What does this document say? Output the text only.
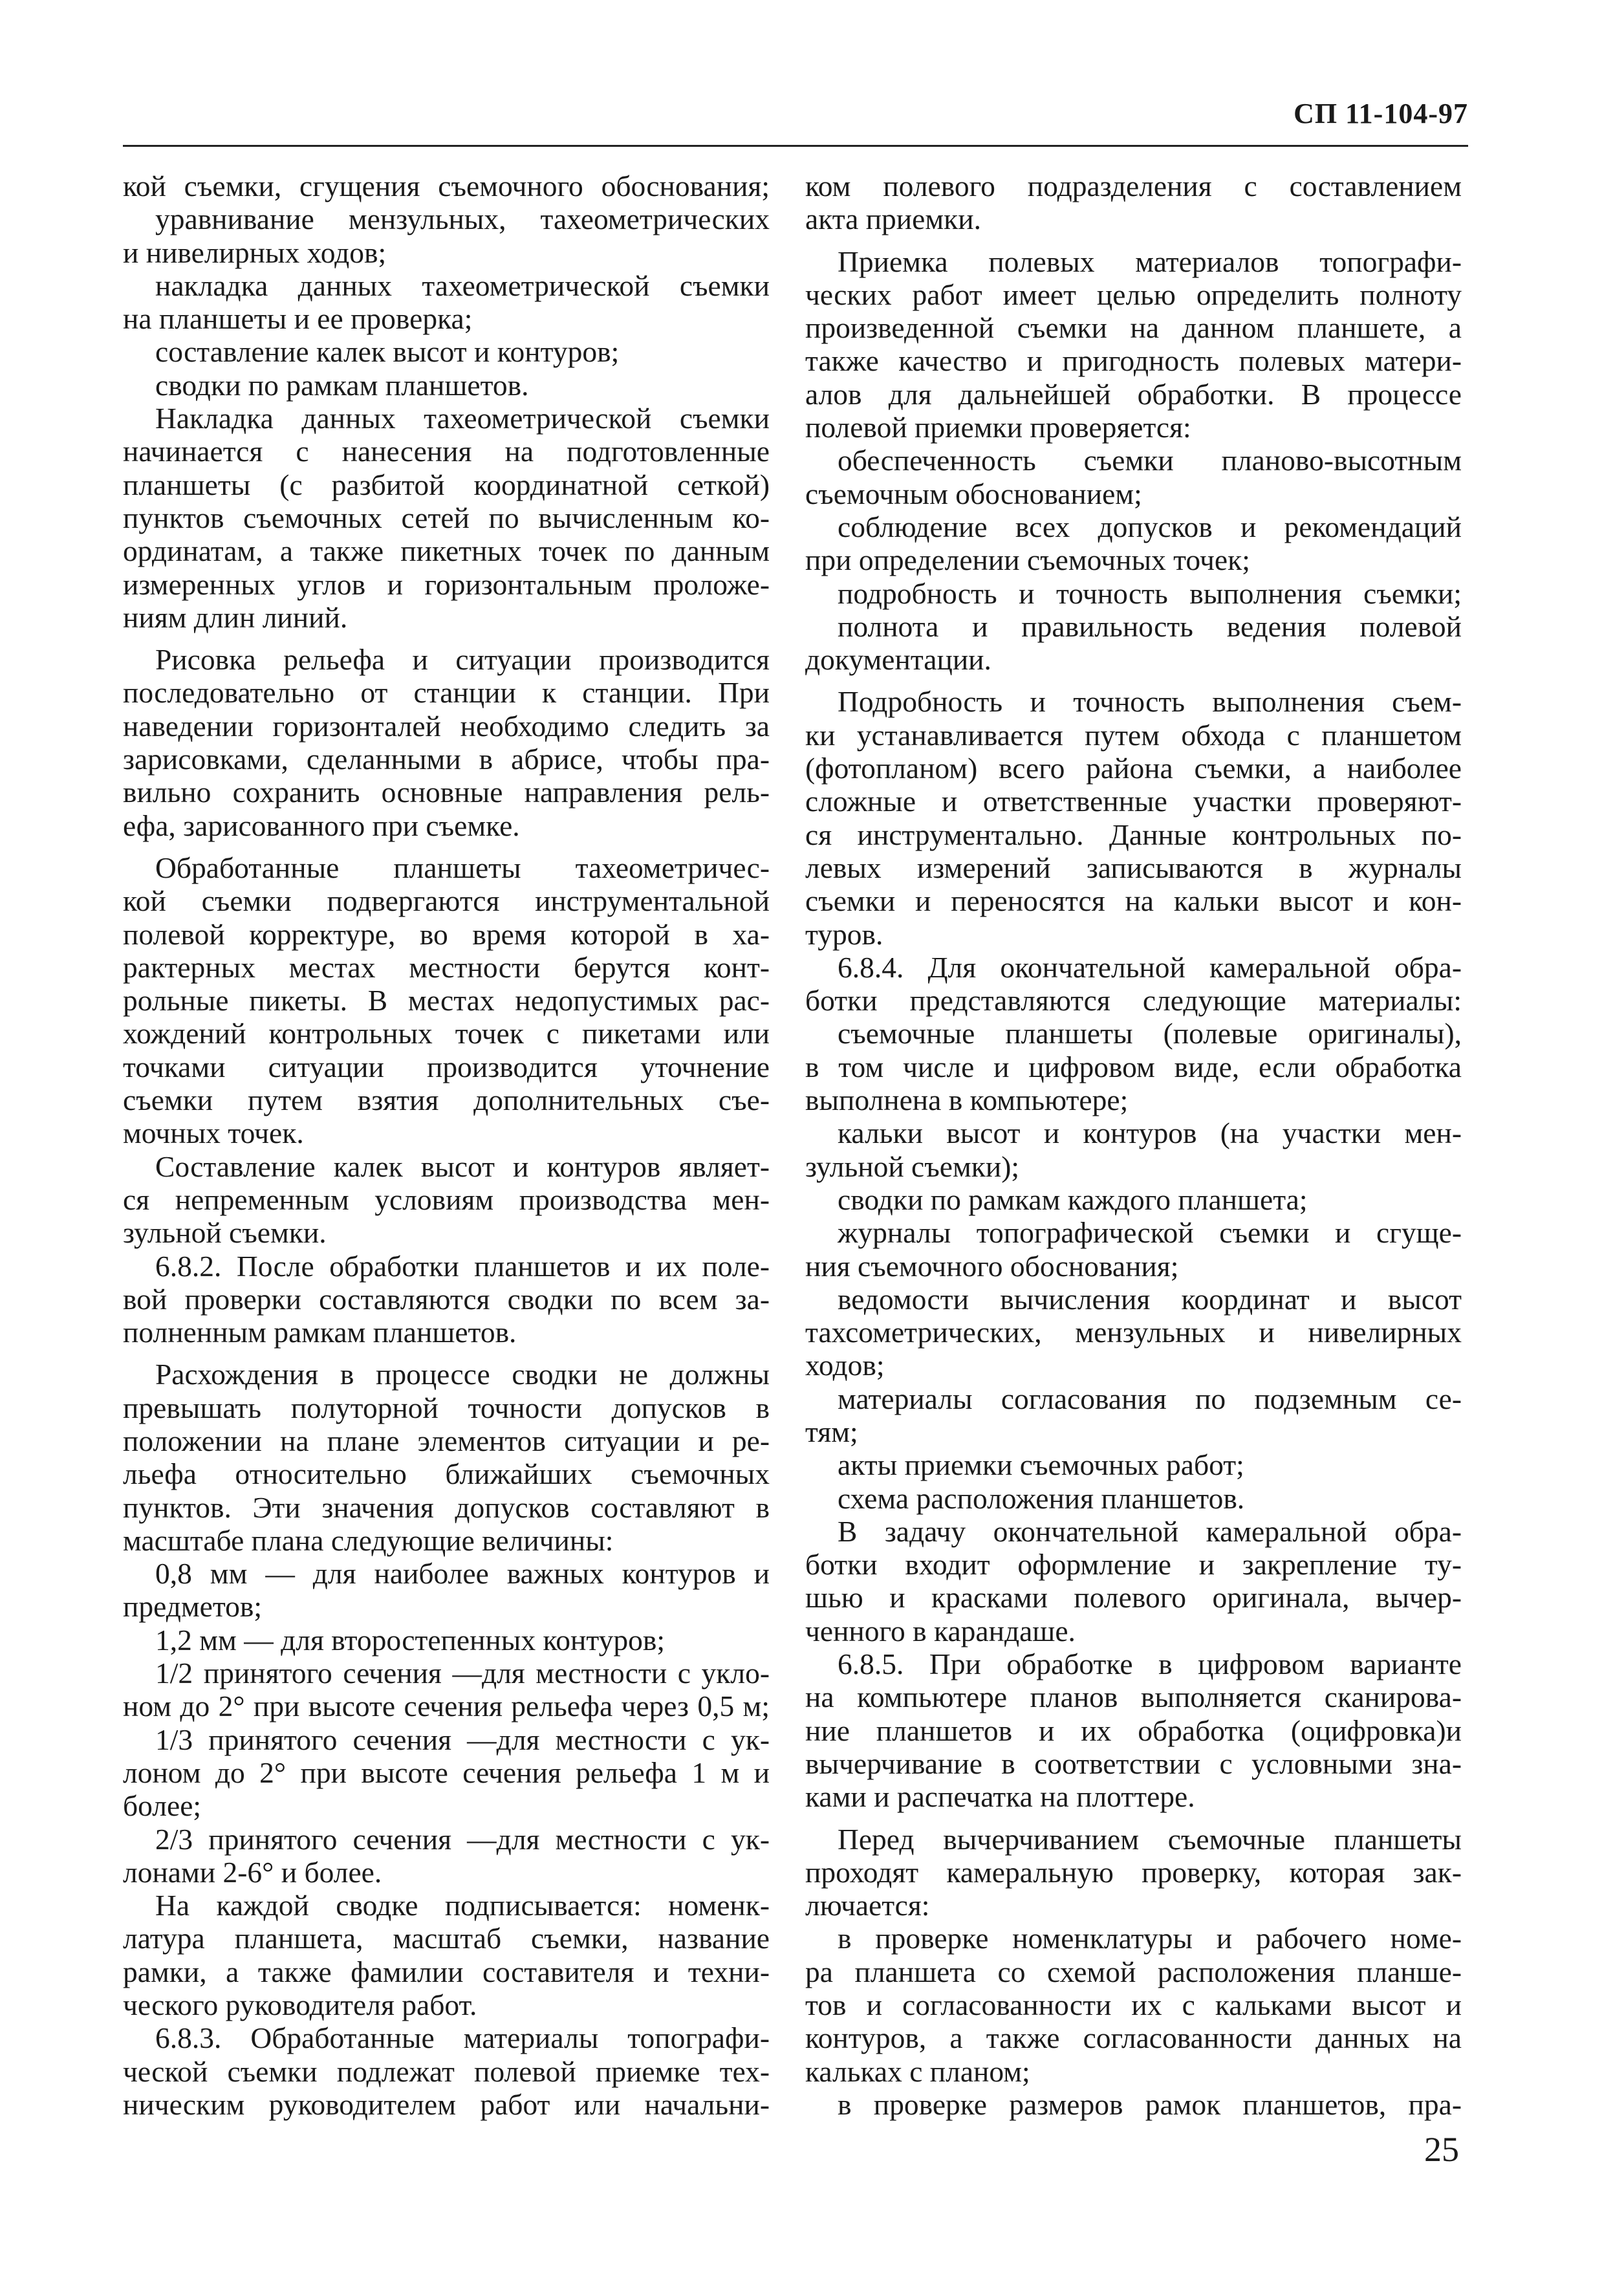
СП 11-104-97
кой съемки, сгущения съемочного обоснования;
уравнивание мензульных, тахеометрических
и нивелирных ходов;
накладка данных тахеометрической съемки
на планшеты и ее проверка;
составление калек высот и контуров;
сводки по рамкам планшетов.
Накладка данных тахеометрической съемки
начинается с нанесения на подготовленные
планшеты (с разбитой координатной сеткой)
пунктов съемочных сетей по вычисленным ко-
ординатам, а также пикетных точек по данным
измеренных углов и горизонтальным проложе-
ниям длин линий.
Рисовка рельефа и ситуации производится
последовательно от станции к станции. При
наведении горизонталей необходимо следить за
зарисовками, сделанными в абрисе, чтобы пра-
вильно сохранить основные направления рель-
ефа, зарисованного при съемке.
Обработанные планшеты тахеометричес-
кой съемки подвергаются инструментальной
полевой корректуре, во время которой в ха-
рактерных местах местности берутся конт-
рольные пикеты. В местах недопустимых рас-
хождений контрольных точек с пикетами или
точками ситуации производится уточнение
съемки путем взятия дополнительных съе-
мочных точек.
Составление калек высот и контуров являет-
ся непременным условиям производства мен-
зульной съемки.
6.8.2. После обработки планшетов и их поле-
вой проверки составляются сводки по всем за-
полненным рамкам планшетов.
Расхождения в процессе сводки не должны
превышать полуторной точности допусков в
положении на плане элементов ситуации и ре-
льефа относительно ближайших съемочных
пунктов. Эти значения допусков составляют в
масштабе плана следующие величины:
0,8 мм — для наиболее важных контуров и
предметов;
1,2 мм — для второстепенных контуров;
1/2 принятого сечения —для местности с укло-
ном до 2° при высоте сечения рельефа через 0,5 м;
1/3 принятого сечения —для местности с ук-
лоном до 2° при высоте сечения рельефа 1 м и
более;
2/3 принятого сечения —для местности с ук-
лонами 2-6° и более.
На каждой сводке подписывается: номенк-
латура планшета, масштаб съемки, название
рамки, а также фамилии составителя и техни-
ческого руководителя работ.
6.8.3. Обработанные материалы топографи-
ческой съемки подлежат полевой приемке тех-
ническим руководителем работ или начальни-
ком полевого подразделения с составлением
акта приемки.
Приемка полевых материалов топографи-
ческих работ имеет целью определить полноту
произведенной съемки на данном планшете, а
также качество и пригодность полевых матери-
алов для дальнейшей обработки. В процессе
полевой приемки проверяется:
обеспеченность съемки планово-высотным
съемочным обоснованием;
соблюдение всех допусков и рекомендаций
при определении съемочных точек;
подробность и точность выполнения съемки;
полнота и правильность ведения полевой
документации.
Подробность и точность выполнения съем-
ки устанавливается путем обхода с планшетом
(фотопланом) всего района съемки, а наиболее
сложные и ответственные участки проверяют-
ся инструментально. Данные контрольных по-
левых измерений записываются в журналы
съемки и переносятся на кальки высот и кон-
туров.
6.8.4. Для окончательной камеральной обра-
ботки представляются следующие материалы:
съемочные планшеты (полевые оригиналы),
в том числе и цифровом виде, если обработка
выполнена в компьютере;
кальки высот и контуров (на участки мен-
зульной съемки);
сводки по рамкам каждого планшета;
журналы топографической съемки и сгуще-
ния съемочного обоснования;
ведомости вычисления координат и высот
тахсометрических, мензульных и нивелирных
ходов;
материалы согласования по подземным се-
тям;
акты приемки съемочных работ;
схема расположения планшетов.
В задачу окончательной камеральной обра-
ботки входит оформление и закрепление ту-
шью и красками полевого оригинала, вычер-
ченного в карандаше.
6.8.5. При обработке в цифровом варианте
на компьютере планов выполняется сканирова-
ние планшетов и их обработка (оцифровка)и
вычерчивание в соответствии с условными зна-
ками и распечатка на плоттере.
Перед вычерчиванием съемочные планшеты
проходят камеральную проверку, которая зак-
лючается:
в проверке номенклатуры и рабочего номе-
ра планшета со схемой расположения планше-
тов и согласованности их с кальками высот и
контуров, а также согласованности данных на
кальках с планом;
в проверке размеров рамок планшетов, пра-
25
